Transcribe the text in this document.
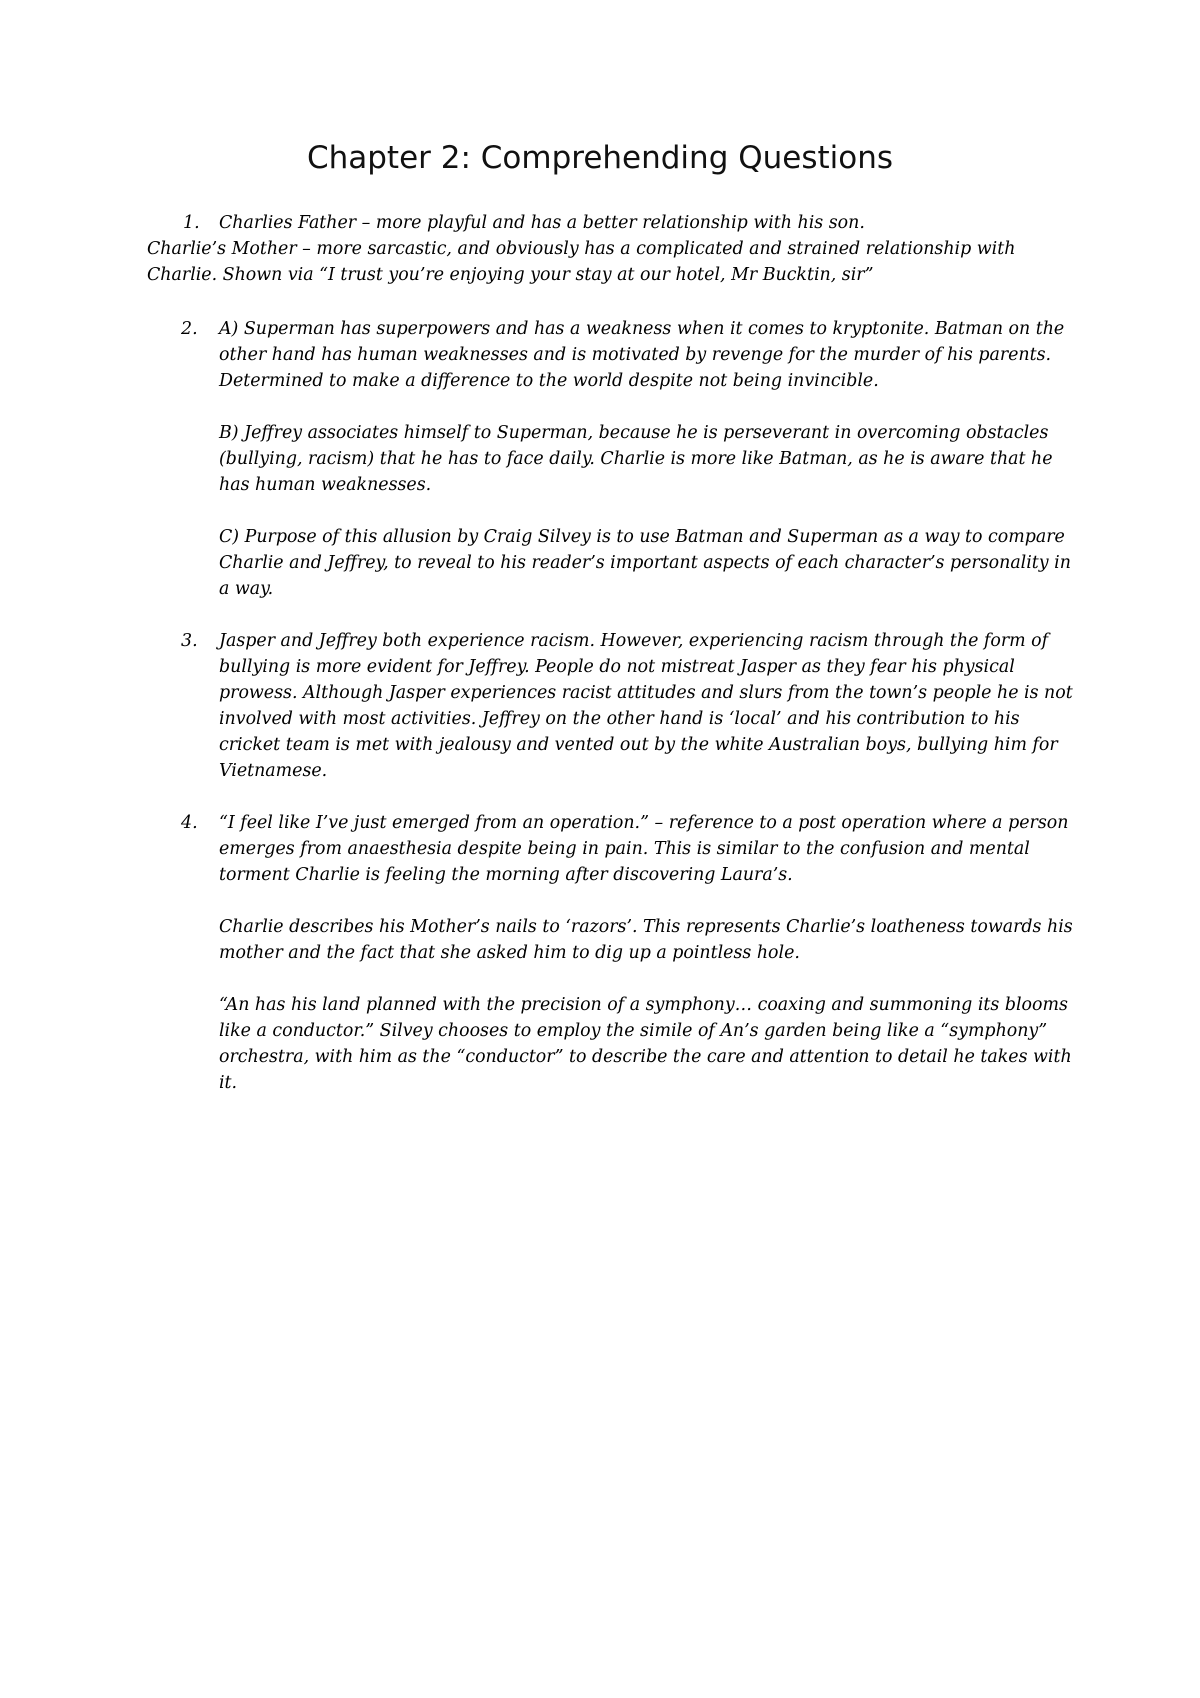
Chapter 2: Comprehending Questions
1.	Charlies Father – more playful and has a better relationship with his son.
Charlie’s Mother – more sarcastic, and obviously has a complicated and strained relationship with Charlie. Shown via “I trust you’re enjoying your stay at our hotel, Mr Bucktin, sir”
2.	A) Superman has superpowers and has a weakness when it comes to kryptonite. Batman on the other hand has human weaknesses and is motivated by revenge for the murder of his parents. Determined to make a difference to the world despite not being invincible.

B) Jeffrey associates himself to Superman, because he is perseverant in overcoming obstacles (bullying, racism) that he has to face daily. Charlie is more like Batman, as he is aware that he has human weaknesses.

C) Purpose of this allusion by Craig Silvey is to use Batman and Superman as a way to compare Charlie and Jeffrey, to reveal to his reader’s important aspects of each character’s personality in a way.

3.	Jasper and Jeffrey both experience racism. However, experiencing racism through the form of bullying is more evident for Jeffrey. People do not mistreat Jasper as they fear his physical prowess. Although Jasper experiences racist attitudes and slurs from the town’s people he is not involved with most activities. Jeffrey on the other hand is ‘local’ and his contribution to his cricket team is met with jealousy and vented out by the white Australian boys, bullying him for Vietnamese.

4.	“I feel like I’ve just emerged from an operation.” – reference to a post operation where a person emerges from anaesthesia despite being in pain. This is similar to the confusion and mental torment Charlie is feeling the morning after discovering Laura’s.

Charlie describes his Mother’s nails to ‘razors’. This represents Charlie’s loatheness towards his mother and the fact that she asked him to dig up a pointless hole.

“An has his land planned with the precision of a symphony… coaxing and summoning its blooms like a conductor.” Silvey chooses to employ the simile of An’s garden being like a “symphony” orchestra, with him as the “conductor” to describe the care and attention to detail he takes with it.
